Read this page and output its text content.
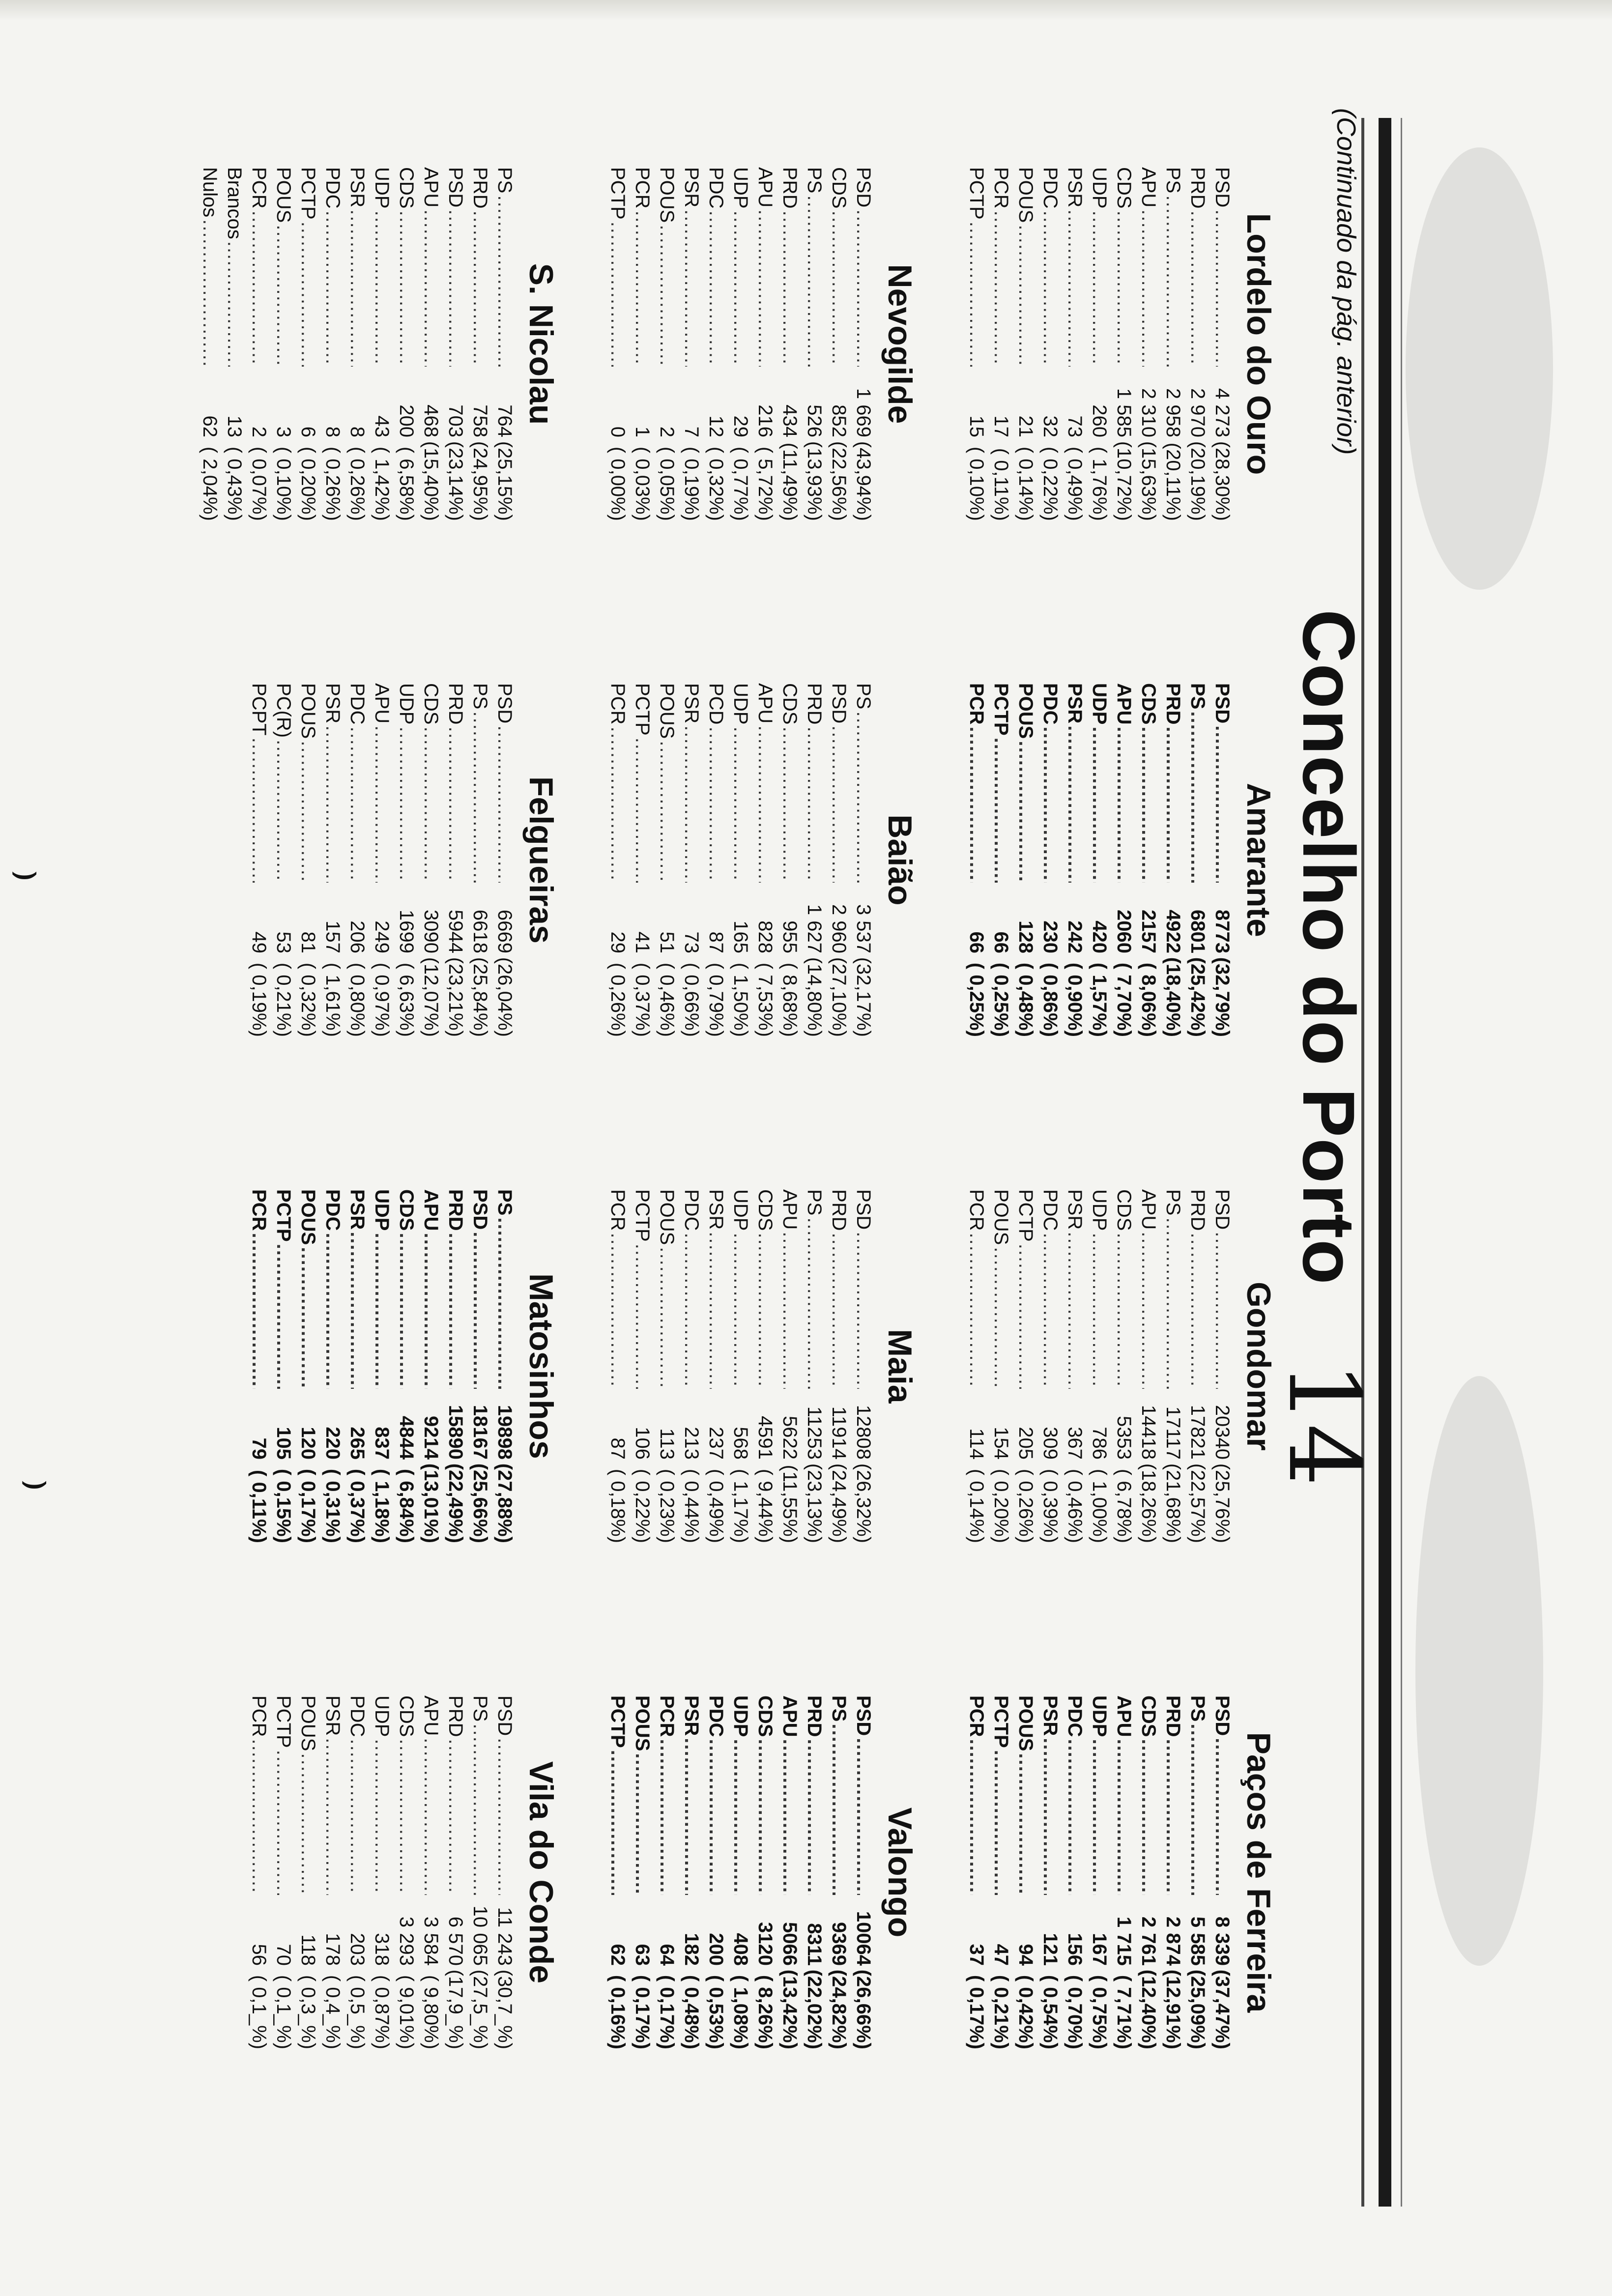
⌣
⌣
(Continuado da pág. anterior)
Concelho do Porto
14
Lordelo do Ouro
PSD
.....
4 273
(28,30%)
PRD
.....
2 970
(20,19%)
PS
.....
2 958
(20,11%)
APU
.....
2 310
(15,63%)
CDS
.....
1 585
(10,72%)
UDP
.....
260
( 1,76%)
PSR
.....
73
( 0,49%)
PDC
.....
32
( 0,22%)
POUS
.....
21
( 0,14%)
PCR
.....
17
( 0,11%)
PCTP
.....
15
( 0,10%)
Nevogilde
PSD
.....
1 669
(43,94%)
CDS
.....
852
(22,56%)
PS
.....
526
(13,93%)
PRD
.....
434
(11,49%)
APU
.....
216
( 5,72%)
UDP
.....
29
( 0,77%)
PDC
.....
12
( 0,32%)
PSR
.....
7
( 0,19%)
POUS
.....
2
( 0,05%)
PCR
.....
1
( 0,03%)
PCTP
.....
0
( 0,00%)
S. Nicolau
PS
.....
764
(25,15%)
PRD
.....
758
(24,95%)
PSD
.....
703
(23,14%)
APU
.....
468
(15,40%)
CDS
.....
200
( 6,58%)
UDP
.....
43
( 1,42%)
PSR
.....
8
( 0,26%)
PDC
.....
8
( 0,26%)
PCTP
.....
6
( 0,20%)
POUS
.....
3
( 0,10%)
PCR
.....
2
( 0,07%)
Brancos
.....
13
( 0,43%)
Nulos
.....
62
( 2,04%)
Amarante
PSD
.....
8773
(32,79%)
PS
.....
6801
(25,42%)
PRD
.....
4922
(18,40%)
CDS
.....
2157
( 8,06%)
APU
.....
2060
( 7,70%)
UDP
.....
420
( 1,57%)
PSR
.....
242
( 0,90%)
PDC
.....
230
( 0,86%)
POUS
.....
128
( 0,48%)
PCTP
.....
66
( 0,25%)
PCR
.....
66
( 0,25%)
Baião
PS
.....
3 537
(32,17%)
PSD
.....
2 960
(27,10%)
PRD
.....
1 627
(14,80%)
CDS
.....
955
( 8,68%)
APU
.....
828
( 7,53%)
UDP
.....
165
( 1,50%)
PCD
.....
87
( 0,79%)
PSR
.....
73
( 0,66%)
POUS
.....
51
( 0,46%)
PCTP
.....
41
( 0,37%)
PCR
.....
29
( 0,26%)
Felgueiras
PSD
.....
6669
(26,04%)
PS
.....
6618
(25,84%)
PRD
.....
5944
(23,21%)
CDS
.....
3090
(12,07%)
UDP
.....
1699
( 6,63%)
APU
.....
249
( 0,97%)
PDC
.....
206
( 0,80%)
PSR
.....
157
( 1,61%)
POUS
.....
81
( 0,32%)
PC(R)
.....
53
( 0,21%)
PCPT
.....
49
( 0,19%)
Gondomar
PSD
.....
20340
(25,76%)
PRD
.....
17821
(22,57%)
PS
.....
17117
(21,68%)
APU
.....
14418
(18,26%)
CDS
.....
5353
( 6,78%)
UDP
.....
786
( 1,00%)
PSR
.....
367
( 0,46%)
PDC
.....
309
( 0,39%)
PCTP
.....
205
( 0,26%)
POUS
.....
154
( 0,20%)
PCR
.....
114
( 0,14%)
Maia
PSD
.....
12808
(26,32%)
PRD
.....
11914
(24,49%)
PS
.....
11253
(23,13%)
APU
.....
5622
(11,55%)
CDS
.....
4591
( 9,44%)
UDP
.....
568
( 1,17%)
PSR
.....
237
( 0,49%)
PDC
.....
213
( 0,44%)
POUS
.....
113
( 0,23%)
PCTP
.....
106
( 0,22%)
PCR
.....
87
( 0,18%)
Matosinhos
PS
.....
19898
(27,88%)
PSD
.....
18167
(25,66%)
PRD
.....
15890
(22,49%)
APU
.....
9214
(13,01%)
CDS
.....
4844
( 6,84%)
UDP
.....
837
( 1,18%)
PSR
.....
265
( 0,37%)
PDC
.....
220
( 0,31%)
POUS
.....
120
( 0,17%)
PCTP
.....
105
( 0,15%)
PCR
.....
79
( 0,11%)
Paços de Ferreira
PSD
.....
8 339
(37,47%)
PS
.....
5 585
(25,09%)
PRD
.....
2 874
(12,91%)
CDS
.....
2 761
(12,40%)
APU
.....
1 715
( 7,71%)
UDP
.....
167
( 0,75%)
PDC
.....
156
( 0,70%)
PSR
.....
121
( 0,54%)
POUS
.....
94
( 0,42%)
PCTP
.....
47
( 0,21%)
PCR
.....
37
( 0,17%)
Valongo
PSD
.....
10064
(26,66%)
PS
.....
9369
(24,82%)
PRD
.....
8311
(22,02%)
APU
.....
5066
(13,42%)
CDS
.....
3120
( 8,26%)
UDP
.....
408
( 1,08%)
PDC
.....
200
( 0,53%)
PSR
.....
182
( 0,48%)
PCR
.....
64
( 0,17%)
POUS
.....
63
( 0,17%)
PCTP
.....
62
( 0,16%)
Vila do Conde
PSD
.....
11 243
(30,7_%)
PS
.....
10 065
(27,5_%)
PRD
.....
6 570
(17,9_%)
APU
.....
3 584
( 9,80%)
CDS
.....
3 293
( 9,01%)
UDP
.....
318
( 0,87%)
PDC
.....
203
( 0,5_%)
PSR
.....
178
( 0,4_%)
POUS
.....
118
( 0,3_%)
PCTP
.....
70
( 0,1_%)
PCR
.....
56
( 0,1_%)
